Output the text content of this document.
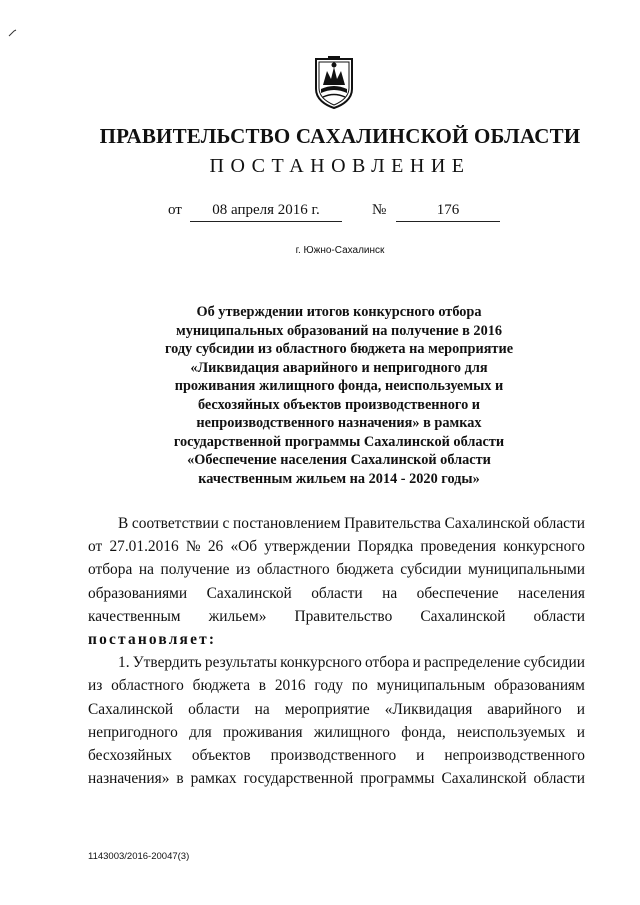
ПРАВИТЕЛЬСТВО САХАЛИНСКОЙ ОБЛАСТИ
ПОСТАНОВЛЕНИЕ
от	08 апреля 2016 г.	№	176
г. Южно-Сахалинск
Об утверждении итогов конкурсного отбора
муниципальных образований на получение в 2016
году субсидии из областного бюджета на мероприятие
«Ликвидация аварийного и непригодного для
проживания жилищного фонда, неиспользуемых и
бесхозяйных объектов производственного и
непроизводственного назначения» в рамках
государственной программы Сахалинской области
«Обеспечение населения Сахалинской области
качественным жильем на 2014 - 2020 годы»
В соответствии с постановлением Правительства Сахалинской области
от 27.01.2016 № 26 «Об утверждении Порядка проведения конкурсного
отбора на получение из областного бюджета субсидии муниципальными
образованиями Сахалинской области на обеспечение населения
качественным жильем» Правительство Сахалинской области
постановляет:
1. Утвердить результаты конкурсного отбора и распределение субсидии
из областного бюджета в 2016 году по муниципальным образованиям
Сахалинской области на мероприятие «Ликвидация аварийного и
непригодного для проживания жилищного фонда, неиспользуемых и
бесхозяйных объектов производственного и непроизводственного
назначения» в рамках государственной программы Сахалинской области
1143003/2016-20047(3)
